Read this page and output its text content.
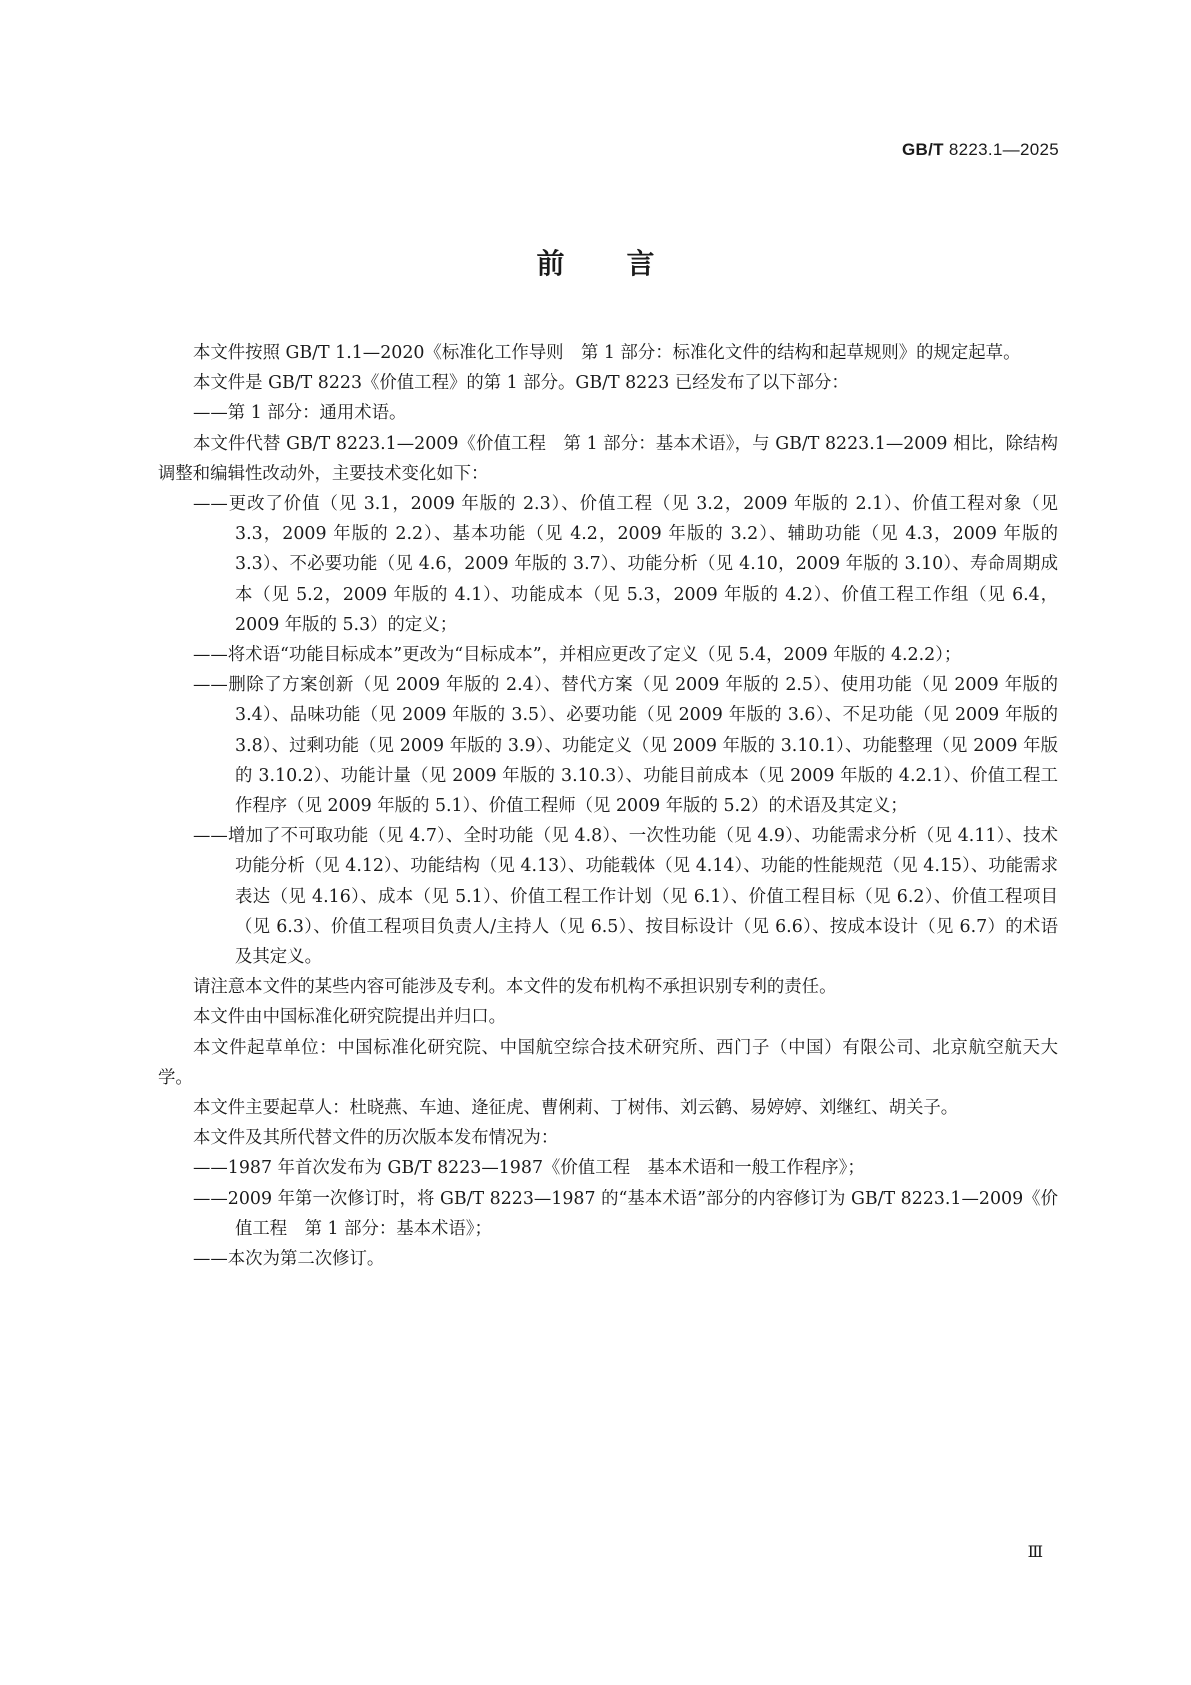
GB/T 8223.1—2025
前言

本文件按照 GB/T 1.1—2020《标准化工作导则　第 1 部分：标准化文件的结构和起草规则》的规定起草。

本文件是 GB/T 8223《价值工程》的第 1 部分。GB/T 8223 已经发布了以下部分：

——第 1 部分：通用术语。

本文件代替 GB/T 8223.1—2009《价值工程　第 1 部分：基本术语》，与 GB/T 8223.1—2009 相比，除结构调整和编辑性改动外，主要技术变化如下：

——更改了价值（见 3.1，2009 年版的 2.3）、价值工程（见 3.2，2009 年版的 2.1）、价值工程对象（见 3.3，2009 年版的 2.2）、基本功能（见 4.2，2009 年版的 3.2）、辅助功能（见 4.3，2009 年版的3.3）、不必要功能（见 4.6，2009 年版的 3.7）、功能分析（见 4.10，2009 年版的 3.10）、寿命周期成本（见 5.2，2009 年版的 4.1）、功能成本（见 5.3，2009 年版的 4.2）、价值工程工作组（见 6.4，2009 年版的 5.3）的定义；

——将术语“功能目标成本”更改为“目标成本”，并相应更改了定义（见 5.4，2009 年版的 4.2.2）；

——删除了方案创新（见 2009 年版的 2.4）、替代方案（见 2009 年版的 2.5）、使用功能（见 2009 年版的 3.4）、品味功能（见 2009 年版的 3.5）、必要功能（见 2009 年版的 3.6）、不足功能（见 2009 年版的 3.8）、过剩功能（见 2009 年版的 3.9）、功能定义（见 2009 年版的 3.10.1）、功能整理（见 2009 年版的 3.10.2）、功能计量（见 2009 年版的 3.10.3）、功能目前成本（见 2009 年版的 4.2.1）、价值工程工作程序（见 2009 年版的 5.1）、价值工程师（见 2009 年版的 5.2）的术语及其定义；

——增加了不可取功能（见 4.7）、全时功能（见 4.8）、一次性功能（见 4.9）、功能需求分析（见 4.11）、技术功能分析（见 4.12）、功能结构（见 4.13）、功能载体（见 4.14）、功能的性能规范（见 4.15）、功能需求表达（见 4.16）、成本（见 5.1）、价值工程工作计划（见 6.1）、价值工程目标（见 6.2）、价值工程项目（见 6.3）、价值工程项目负责人/主持人（见 6.5）、按目标设计（见 6.6）、按成本设计（见 6.7）的术语及其定义。

请注意本文件的某些内容可能涉及专利。本文件的发布机构不承担识别专利的责任。

本文件由中国标准化研究院提出并归口。

本文件起草单位：中国标准化研究院、中国航空综合技术研究所、西门子（中国）有限公司、北京航空航天大学。

本文件主要起草人：杜晓燕、车迪、逄征虎、曹俐莉、丁树伟、刘云鹤、易婷婷、刘继红、胡关子。

本文件及其所代替文件的历次版本发布情况为：

——1987 年首次发布为 GB/T 8223—1987《价值工程　基本术语和一般工作程序》；

——2009 年第一次修订时，将 GB/T 8223—1987 的“基本术语”部分的内容修订为 GB/T 8223.1—2009《价值工程　第 1 部分：基本术语》；

——本次为第二次修订。

Ⅲ
